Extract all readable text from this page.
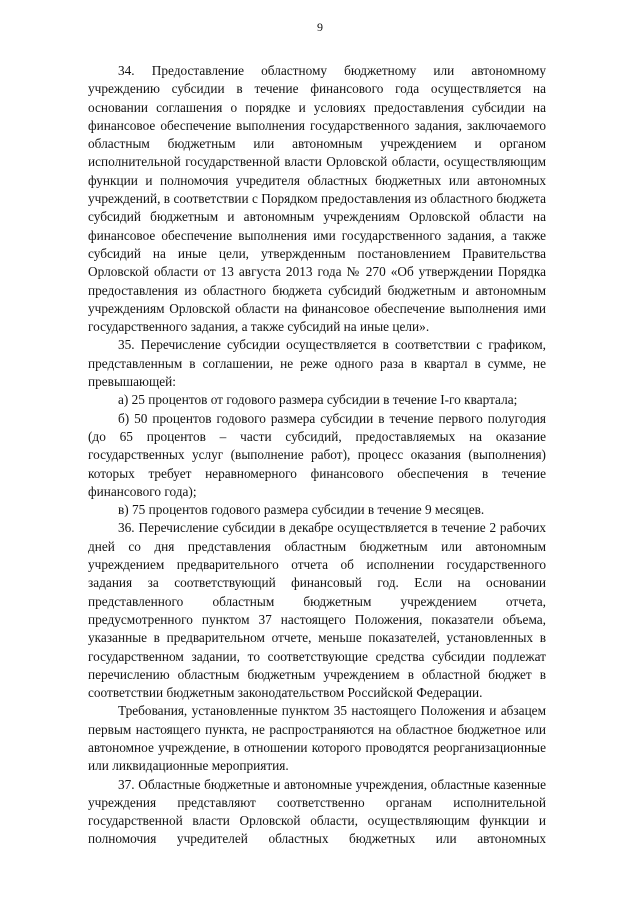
9

34. Предоставление областному бюджетному или автономному учреждению субсидии в течение финансового года осуществляется на основании соглашения о порядке и условиях предоставления субсидии на финансовое обеспечение выполнения государственного задания, заключаемого областным бюджетным или автономным учреждением и органом исполнительной государственной власти Орловской области, осуществляющим функции и полномочия учредителя областных бюджетных или автономных учреждений, в соответствии с Порядком предоставления из областного бюджета субсидий бюджетным и автономным учреждениям Орловской области на финансовое обеспечение выполнения ими государственного задания, а также субсидий на иные цели, утвержденным постановлением Правительства Орловской области от 13 августа 2013 года № 270 «Об утверждении Порядка предоставления из областного бюджета субсидий бюджетным и автономным учреждениям Орловской области на финансовое обеспечение выполнения ими государственного задания, а также субсидий на иные цели».

35. Перечисление субсидии осуществляется в соответствии с графиком, представленным в соглашении, не реже одного раза в квартал в сумме, не превышающей:

а) 25 процентов от годового размера субсидии в течение I-го квартала;

б) 50 процентов годового размера субсидии в течение первого полугодия (до 65 процентов – части субсидий, предоставляемых на оказание государственных услуг (выполнение работ), процесс оказания (выполнения) которых требует неравномерного финансового обеспечения в течение финансового года);

в) 75 процентов годового размера субсидии в течение 9 месяцев.

36. Перечисление субсидии в декабре осуществляется в течение 2 рабочих дней со дня представления областным бюджетным или автономным учреждением предварительного отчета об исполнении государственного задания за соответствующий финансовый год. Если на основании представленного областным бюджетным учреждением отчета, предусмотренного пунктом 37 настоящего Положения, показатели объема, указанные в предварительном отчете, меньше показателей, установленных в государственном задании, то соответствующие средства субсидии подлежат перечислению областным бюджетным учреждением в областной бюджет в соответствии бюджетным законодательством Российской Федерации.

Требования, установленные пунктом 35 настоящего Положения и абзацем первым настоящего пункта, не распространяются на областное бюджетное или автономное учреждение, в отношении которого проводятся реорганизационные или ликвидационные мероприятия.

37. Областные бюджетные и автономные учреждения, областные казенные учреждения представляют соответственно органам исполнительной государственной власти Орловской области, осуществляющим функции и полномочия учредителей областных бюджетных или автономных
